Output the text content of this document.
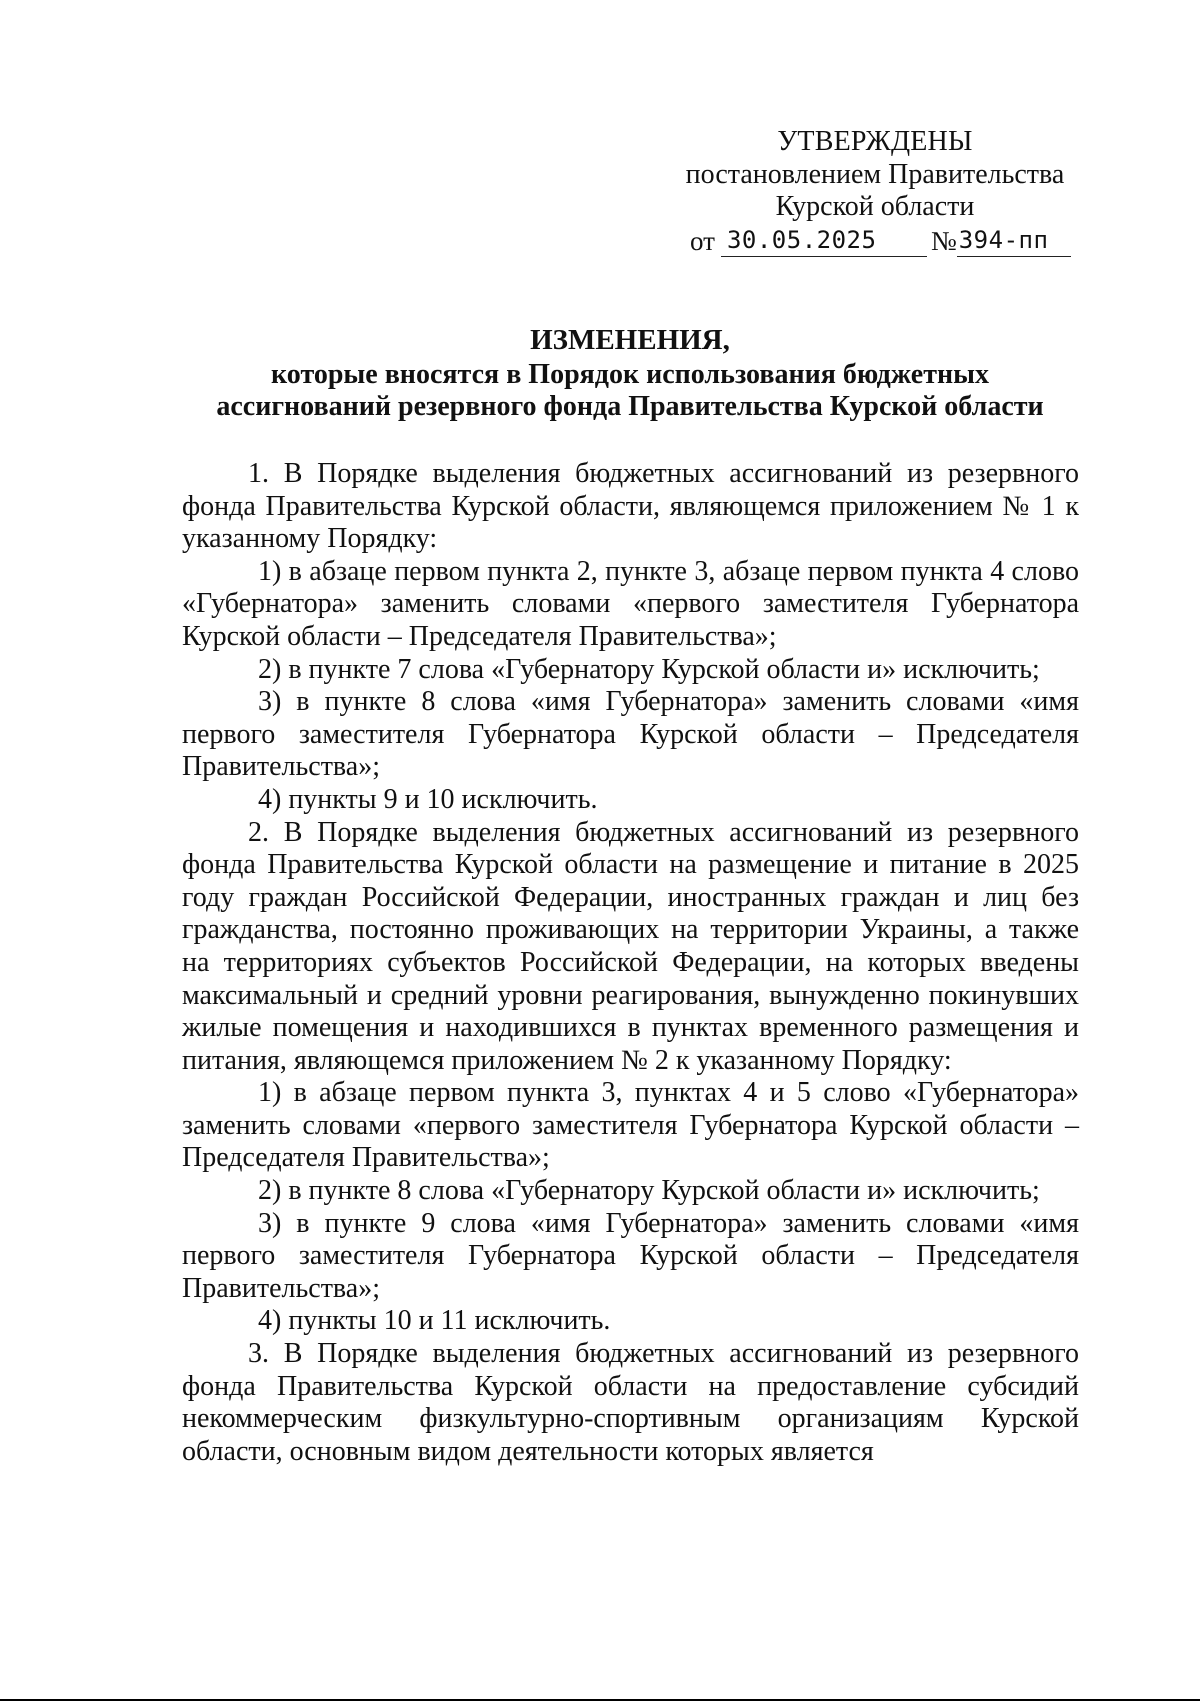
УТВЕРЖДЕНЫ
постановлением Правительства
Курской области
от 30.05.2025	№ 394-пп
ИЗМЕНЕНИЯ,
которые вносятся в Порядок использования бюджетных
ассигнований резервного фонда Правительства Курской области

1. В Порядке выделения бюджетных ассигнований из резервного фонда Правительства Курской области, являющемся приложением № 1 к указанному Порядку:

1) в абзаце первом пункта 2, пункте 3, абзаце первом пункта 4 слово «Губернатора» заменить словами «первого заместителя Губернатора Курской области – Председателя Правительства»;

2) в пункте 7 слова «Губернатору Курской области и» исключить;

3) в пункте 8 слова «имя Губернатора» заменить словами «имя первого заместителя Губернатора Курской области – Председателя Правительства»;

4) пункты 9 и 10 исключить.

2. В Порядке выделения бюджетных ассигнований из резервного фонда Правительства Курской области на размещение и питание в 2025 году граждан Российской Федерации, иностранных граждан и лиц без гражданства, постоянно проживающих на территории Украины, а также на территориях субъектов Российской Федерации, на которых введены максимальный и средний уровни реагирования, вынужденно покинувших жилые помещения и находившихся в пунктах временного размещения и питания, являющемся приложением № 2 к указанному Порядку:

1) в абзаце первом пункта 3, пунктах 4 и 5 слово «Губернатора» заменить словами «первого заместителя Губернатора Курской области – Председателя Правительства»;

2) в пункте 8 слова «Губернатору Курской области и» исключить;

3) в пункте 9 слова «имя Губернатора» заменить словами «имя первого заместителя Губернатора Курской области – Председателя Правительства»;

4) пункты 10 и 11 исключить.

3. В Порядке выделения бюджетных ассигнований из резервного фонда Правительства Курской области на предоставление субсидий некоммерческим физкультурно-спортивным организациям Курской области, основным видом деятельности которых является
